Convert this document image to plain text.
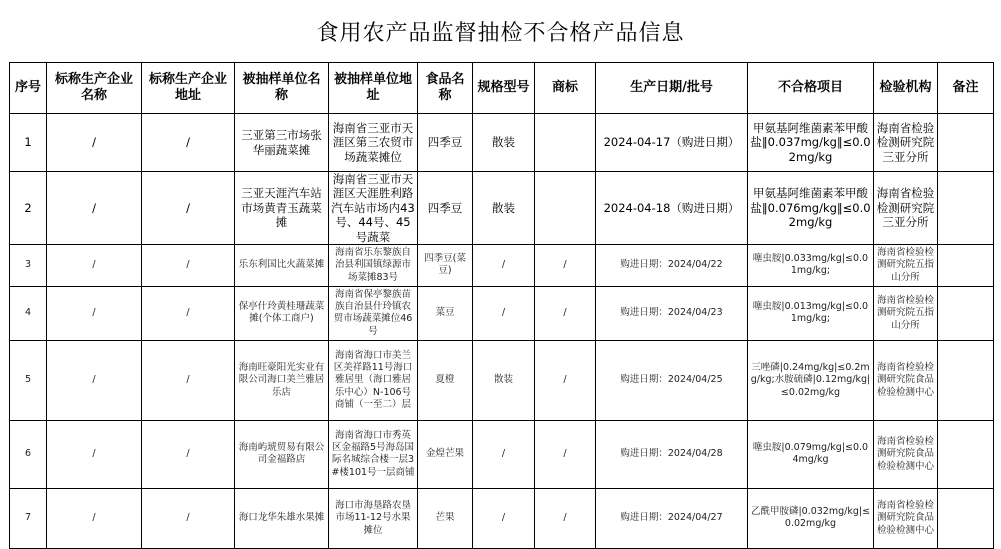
食用农产品监督抽检不合格产品信息
序号	标称生产企业名称	标称生产企业地址	被抽样单位名称	被抽样单位地址	食品名称	规格型号	商标	生产日期/批号	不合格项目	检验机构	备注
1	/	/	三亚第三市场张华丽蔬菜摊	海南省三亚市天涯区第三农贸市场蔬菜摊位	四季豆	散装		2024-04-17（购进日期）	甲氨基阿维菌素苯甲酸盐‖0.037mg/kg‖≤0.02mg/kg	海南省检验检测研究院三亚分所	
2	/	/	三亚天涯汽车站市场黄青玉蔬菜摊	海南省三亚市天涯区天涯胜利路汽车站市场内43号、44号、45号蔬菜	四季豆	散装		2024-04-18（购进日期）	甲氨基阿维菌素苯甲酸盐‖0.076mg/kg‖≤0.02mg/kg	海南省检验检测研究院三亚分所	
3	/	/	乐东利国比火蔬菜摊	海南省乐东黎族自治县利国镇绿源市场菜摊83号	四季豆(菜豆)	/	/	购进日期：2024/04/22	噻虫胺|0.033mg/kg|≤0.01mg/kg;	海南省检验检测研究院五指山分所	
4	/	/	保亭什玲黄桂珊蔬菜摊(个体工商户)	海南省保亭黎族苗族自治县什玲镇农贸市场蔬菜摊位46号	菜豆	/	/	购进日期：2024/04/23	噻虫胺|0.013mg/kg|≤0.01mg/kg;	海南省检验检测研究院五指山分所	
5	/	/	海南旺豪阳光实业有限公司海口美兰雅居乐店	海南省海口市美兰区美祥路11号海口雅居里（海口雅居乐中心）N-106号商铺（一至二）层	夏橙	散装	/	购进日期：2024/04/25	三唑磷|0.24mg/kg|≤0.2mg/kg;水胺硫磷|0.12mg/kg|≤0.02mg/kg	海南省检验检测研究院食品检验检测中心	
6	/	/	海南屿琥贸易有限公司金福路店	海南省海口市秀英区金福路5号海岛国际名城综合楼一层3#楼101号一层商铺	金煌芒果	/	/	购进日期：2024/04/28	噻虫胺|0.079mg/kg|≤0.04mg/kg	海南省检验检测研究院食品检验检测中心	
7	/	/	海口龙华朱雄水果摊	海口市海垦路农垦市场11-12号水果摊位	芒果	/	/	购进日期：2024/04/27	乙酰甲胺磷|0.032mg/kg|≤0.02mg/kg	海南省检验检测研究院食品检验检测中心	
